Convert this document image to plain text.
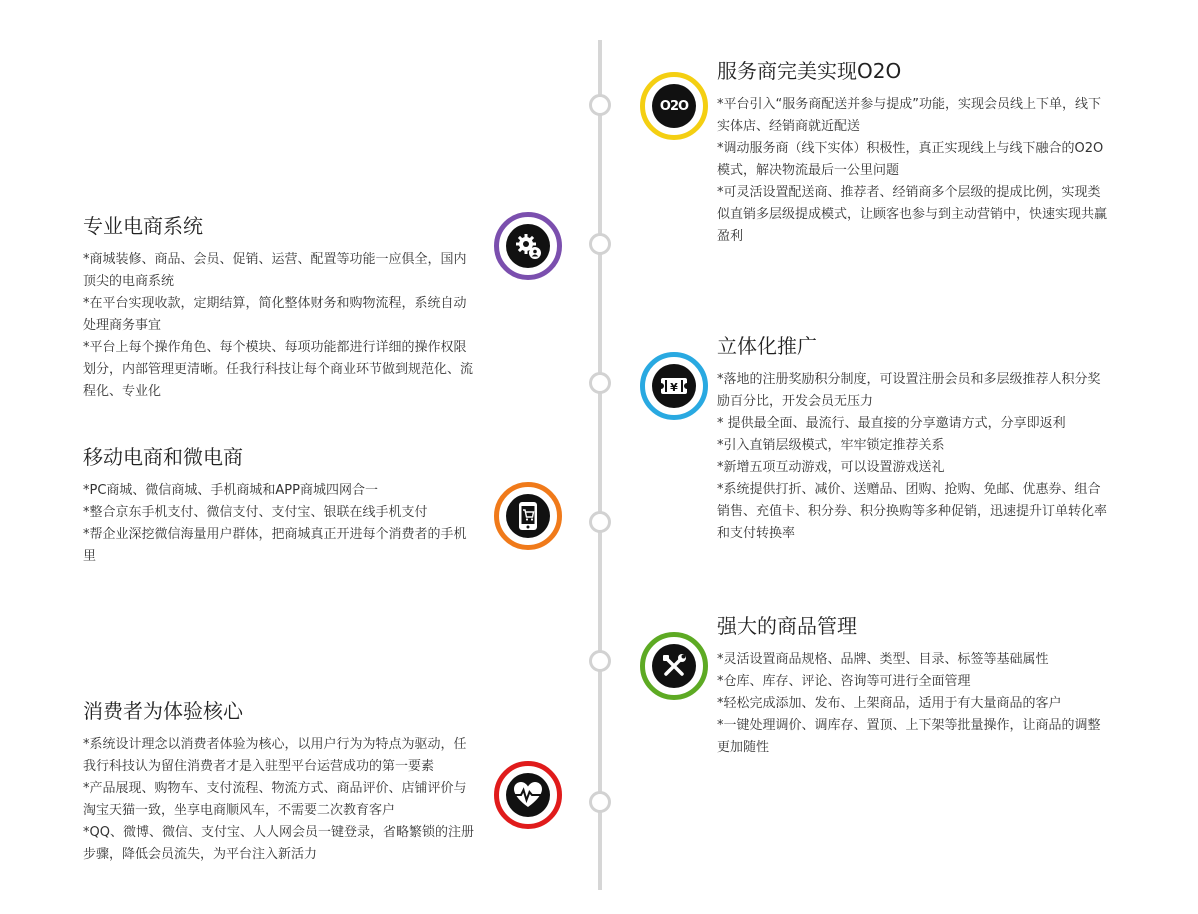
O2O
服务商完美实现O2O

*平台引入“服务商配送并参与提成”功能，实现会员线上下单，线下实体店、经销商就近配送

*调动服务商（线下实体）积极性，真正实现线上与线下融合的O2O模式，解决物流最后一公里问题

*可灵活设置配送商、推荐者、经销商多个层级的提成比例，实现类似直销多层级提成模式，让顾客也参与到主动营销中，快速实现共赢盈利

专业电商系统

*商城装修、商品、会员、促销、运营、配置等功能一应俱全，国内顶尖的电商系统

*在平台实现收款，定期结算，简化整体财务和购物流程，系统自动处理商务事宜

*平台上每个操作角色、每个模块、每项功能都进行详细的操作权限划分，内部管理更清晰。任我行科技让每个商业环节做到规范化、流程化、专业化	¥
立体化推广

*落地的注册奖励积分制度，可设置注册会员和多层级推荐人积分奖励百分比，开发会员无压力

* 提供最全面、最流行、最直接的分享邀请方式，分享即返利

*引入直销层级模式，牢牢锁定推荐关系

*新增五项互动游戏，可以设置游戏送礼

*系统提供打折、减价、送赠品、团购、抢购、免邮、优惠券、组合销售、充值卡、积分券、积分换购等多种促销，迅速提升订单转化率和支付转换率

移动电商和微电商

*PC商城、微信商城、手机商城和APP商城四网合一

*整合京东手机支付、微信支付、支付宝、银联在线手机支付

*帮企业深挖微信海量用户群体，把商城真正开进每个消费者的手机里

强大的商品管理

*灵活设置商品规格、品牌、类型、目录、标签等基础属性

*仓库、库存、评论、咨询等可进行全面管理

*轻松完成添加、发布、上架商品，适用于有大量商品的客户

*一键处理调价、调库存、置顶、上下架等批量操作，让商品的调整更加随性

消费者为体验核心

*系统设计理念以消费者体验为核心，以用户行为为特点为驱动，任我行科技认为留住消费者才是入驻型平台运营成功的第一要素

*产品展现、购物车、支付流程、物流方式、商品评价、店铺评价与淘宝天猫一致，坐享电商顺风车，不需要二次教育客户

*QQ、微博、微信、支付宝、人人网会员一键登录，省略繁锁的注册步骤，降低会员流失，为平台注入新活力
